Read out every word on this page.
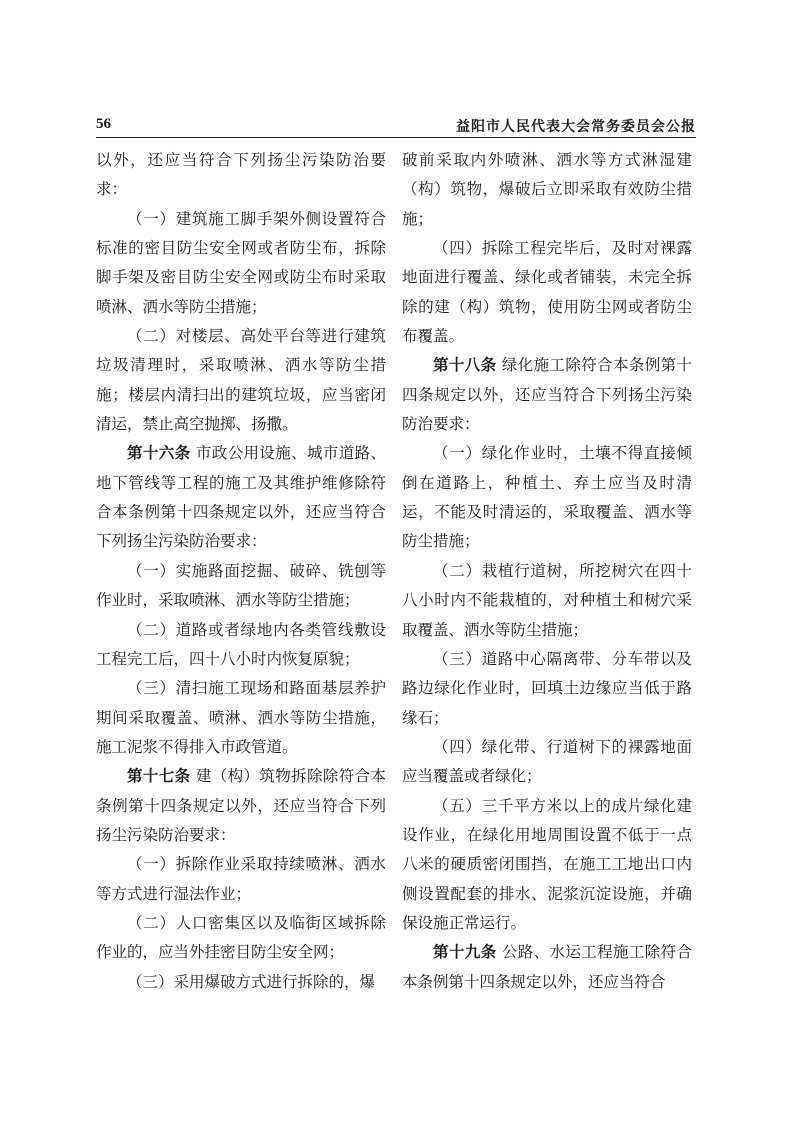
56	益阳市人民代表大会常务委员会公报

以外，还应当符合下列扬尘污染防治要求：

（一）建筑施工脚手架外侧设置符合标准的密目防尘安全网或者防尘布，拆除脚手架及密目防尘安全网或防尘布时采取喷淋、洒水等防尘措施；

（二）对楼层、高处平台等进行建筑垃圾清理时，采取喷淋、洒水等防尘措施；楼层内清扫出的建筑垃圾，应当密闭清运，禁止高空抛掷、扬撒。

第十六条 市政公用设施、城市道路、地下管线等工程的施工及其维护维修除符合本条例第十四条规定以外，还应当符合下列扬尘污染防治要求：

（一）实施路面挖掘、破碎、铣刨等作业时，采取喷淋、洒水等防尘措施；

（二）道路或者绿地内各类管线敷设工程完工后，四十八小时内恢复原貌；

（三）清扫施工现场和路面基层养护期间采取覆盖、喷淋、洒水等防尘措施，施工泥浆不得排入市政管道。

第十七条 建（构）筑物拆除除符合本条例第十四条规定以外，还应当符合下列扬尘污染防治要求：

（一）拆除作业采取持续喷淋、洒水等方式进行湿法作业；

（二）人口密集区以及临街区域拆除作业的，应当外挂密目防尘安全网；

（三）采用爆破方式进行拆除的，爆

破前采取内外喷淋、洒水等方式淋湿建（构）筑物，爆破后立即采取有效防尘措施；

（四）拆除工程完毕后，及时对裸露地面进行覆盖、绿化或者铺装，未完全拆除的建（构）筑物，使用防尘网或者防尘布覆盖。

第十八条 绿化施工除符合本条例第十四条规定以外，还应当符合下列扬尘污染防治要求：

（一）绿化作业时，土壤不得直接倾倒在道路上，种植土、弃土应当及时清运，不能及时清运的，采取覆盖、洒水等防尘措施；

（二）栽植行道树，所挖树穴在四十八小时内不能栽植的，对种植土和树穴采取覆盖、洒水等防尘措施；

（三）道路中心隔离带、分车带以及路边绿化作业时，回填土边缘应当低于路缘石；

（四）绿化带、行道树下的裸露地面应当覆盖或者绿化；

（五）三千平方米以上的成片绿化建设作业，在绿化用地周围设置不低于一点八米的硬质密闭围挡，在施工工地出口内侧设置配套的排水、泥浆沉淀设施，并确保设施正常运行。

第十九条 公路、水运工程施工除符合本条例第十四条规定以外，还应当符合
